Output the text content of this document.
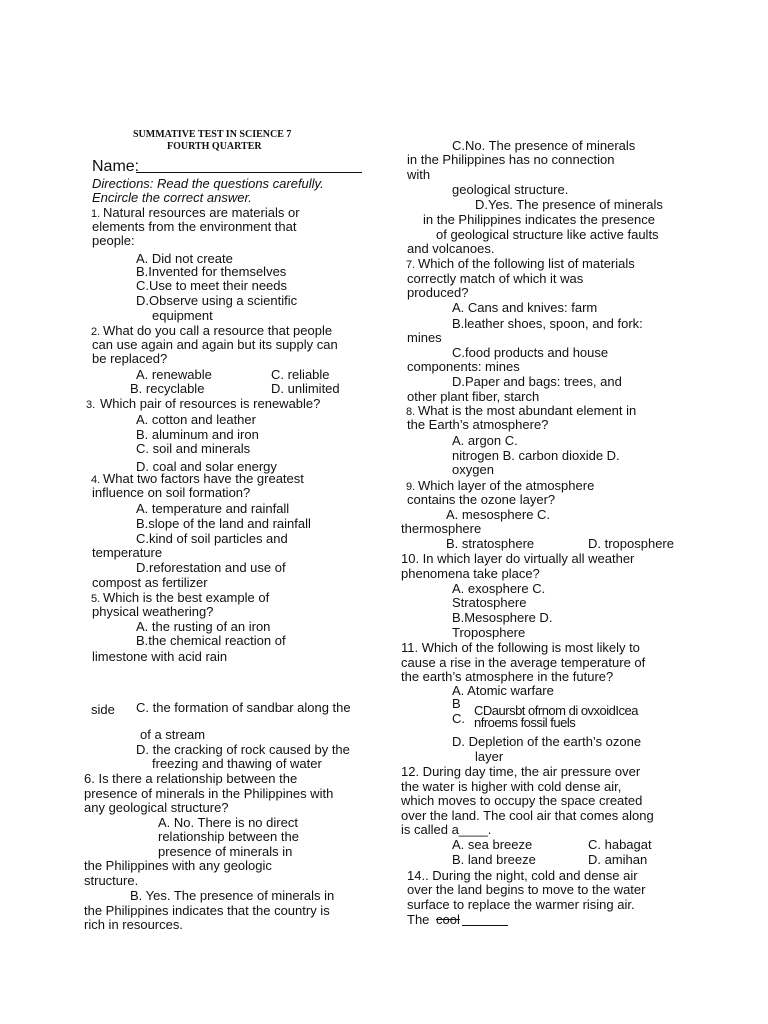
SUMMATIVE TEST IN SCIENCE 7
FOURTH QUARTER
Name:
Directions: Read the questions carefully.
Encircle the correct answer.
1. Natural resources are materials or
elements from the environment that
people:
A. Did not create
B.Invented for themselves
C.Use to meet their needs
D.Observe using a scientific
equipment
2. What do you call a resource that people
can use again and again but its supply can
be replaced?
A. renewable	C. reliable
B. recyclable	D. unlimited
3. Which pair of resources is renewable?
A. cotton and leather
B. aluminum and iron
C. soil and minerals
D. coal and solar energy
4. What two factors have the greatest
influence on soil formation?
A. temperature and rainfall
B.slope of the land and rainfall
C.kind of soil particles and
temperature
D.reforestation and use of
compost as fertilizer
5. Which is the best example of
physical weathering?
A. the rusting of an iron
B.the chemical reaction of
limestone with acid rain
side C. the formation of sandbar along the
of a stream
D. the cracking of rock caused by the
freezing and thawing of water
6. Is there a relationship between the
presence of minerals in the Philippines with
any geological structure?
A. No. There is no direct
relationship between the
presence of minerals in
the Philippines with any geologic
structure.
B. Yes. The presence of minerals in
the Philippines indicates that the country is
rich in resources.
C.No. The presence of minerals
in the Philippines has no connection
with
geological structure.
D.Yes. The presence of minerals
in the Philippines indicates the presence
of geological structure like active faults
and volcanoes.
7. Which of the following list of materials
correctly match of which it was
produced?
A. Cans and knives: farm
B.leather shoes, spoon, and fork:
mines
C.food products and house
components: mines
D.Paper and bags: trees, and
other plant fiber, starch
8. What is the most abundant element in
the Earth’s atmosphere?
A. argon C.
nitrogen B. carbon dioxide D.
oxygen
9. Which layer of the atmosphere
contains the ozone layer?
A. mesosphere C.
thermosphere
B. stratosphere	D. troposphere
10. In which layer do virtually all weather
phenomena take place?
A. exosphere C.
Stratosphere
B.Mesosphere D.
Troposphere
11. Which of the following is most likely to
cause a rise in the average temperature of
the earth’s atmosphere in the future?
A. Atomic warfare
B
C.
CDaursbt ofrnom di ovxoidIcea
nfroems fossil fuels
D. Depletion of the earth’s ozone
layer
12. During day time, the air pressure over
the water is higher with cold dense air,
which moves to occupy the space created
over the land. The cool air that comes along
is called a____.
A. sea breeze	C. habagat
B. land breeze	D. amihan
14.. During the night, cold and dense air
over the land begins to move to the water
surface to replace the warmer rising air.
The cool
